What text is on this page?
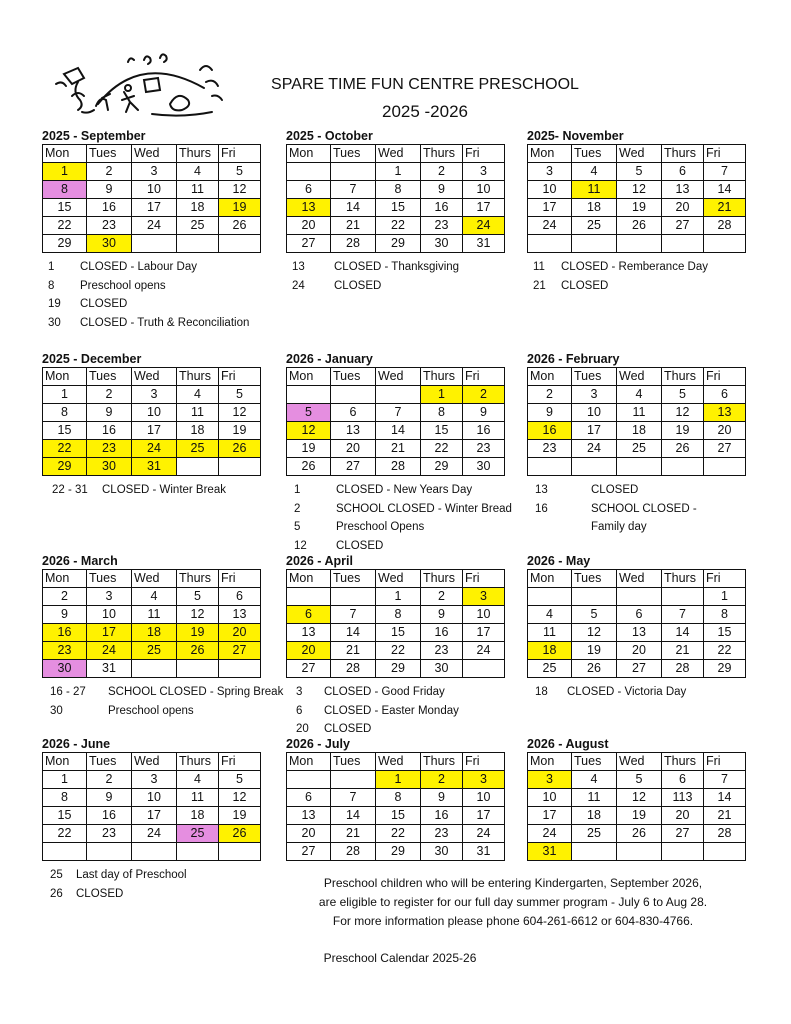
SPARE TIME FUN CENTRE PRESCHOOL
2025 -2026
2025 - September
Mon	Tues	Wed	Thurs	Fri
1	2	3	4	5
8	9	10	11	12
15	16	17	18	19
22	23	24	25	26
29	30			
1 CLOSED - Labour Day
8 Preschool opens
19 CLOSED
30 CLOSED - Truth & Reconciliation
2025 - October
Mon	Tues	Wed	Thurs	Fri
		1	2	3
6	7	8	9	10
13	14	15	16	17
20	21	22	23	24
27	28	29	30	31
13	CLOSED - Thanksgiving
24	CLOSED
2025- November
Mon	Tues	Wed	Thurs	Fri
3	4	5	6	7
10	11	12	13	14
17	18	19	20	21
24	25	26	27	28

11 CLOSED - Remberance Day
21 CLOSED
2025 - December
Mon	Tues	Wed	Thurs	Fri
1	2	3	4	5
8	9	10	11	12
15	16	17	18	19
22	23	24	25	26
29	30	31		
22 - 31 CLOSED - Winter Break
2026 - January
Mon	Tues	Wed	Thurs	Fri
			1	2
5	6	7	8	9
12	13	14	15	16
19	20	21	22	23
26	27	28	29	30
1	CLOSED - New Years Day
2	SCHOOL CLOSED - Winter Bread
5	Preschool Opens
12	CLOSED
2026 - February
Mon	Tues	Wed	Thurs	Fri
2	3	4	5	6
9	10	11	12	13
16	17	18	19	20
23	24	25	26	27

13	CLOSED
16	SCHOOL CLOSED -
Family day
2026 - March
Mon	Tues	Wed	Thurs	Fri
2	3	4	5	6
9	10	11	12	13
16	17	18	19	20
23	24	25	26	27
30	31			
16 - 27 SCHOOL CLOSED - Spring Break
30	Preschool opens
2026 - April
Mon	Tues	Wed	Thurs	Fri
		1	2	3
6	7	8	9	10
13	14	15	16	17
20	21	22	23	24
27	28	29	30	
3 CLOSED - Good Friday
6 CLOSED - Easter Monday
20 CLOSED
2026 - May
Mon	Tues	Wed	Thurs	Fri
				1
4	5	6	7	8
11	12	13	14	15
18	19	20	21	22
25	26	27	28	29
18 CLOSED - Victoria Day
2026 - June
Mon	Tues	Wed	Thurs	Fri
1	2	3	4	5
8	9	10	11	12
15	16	17	18	19
22	23	24	25	26

25 Last day of Preschool
26 CLOSED
2026 - July
Mon	Tues	Wed	Thurs	Fri
		1	2	3
6	7	8	9	10
13	14	15	16	17
20	21	22	23	24
27	28	29	30	31
2026 - August
Mon	Tues	Wed	Thurs	Fri
3	4	5	6	7
10	11	12	113	14
17	18	19	20	21
24	25	26	27	28
31				
Preschool children who will be entering Kindergarten, September 2026,
are eligible to register for our full day summer program - July 6 to Aug 28.
For more information please phone 604-261-6612 or 604-830-4766.
Preschool Calendar 2025-26
